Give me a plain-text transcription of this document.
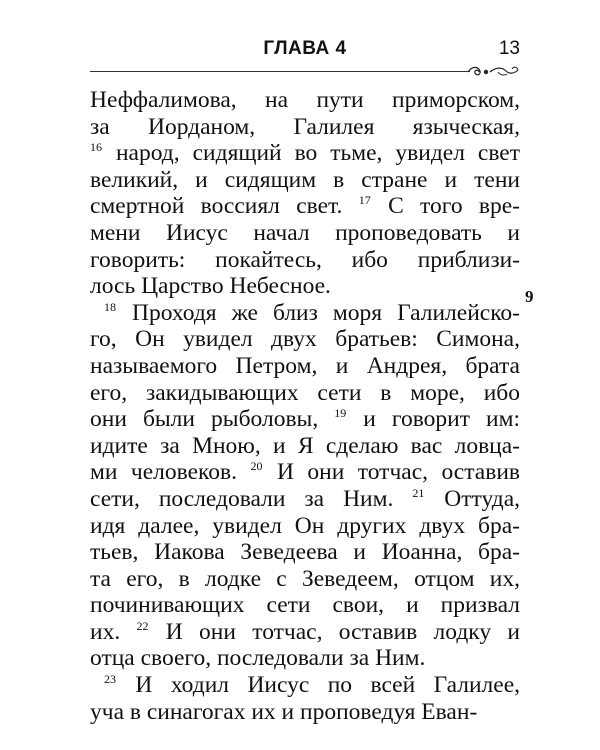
ГЛАВА 4	13
9
Неффалимова, на пути приморском,
за Иорданом, Галилея языческая,
$^{16}$ народ, сидящий во тьме, увидел свет
великий, и сидящим в стране и тени
смертной воссиял свет. $^{17}$ С того вре-
мени Иисус начал проповедовать и
говорить: покайтесь, ибо приблизи-
лось Царство Небесное.
$^{18}$ Проходя же близ моря Галилейско-
го, Он увидел двух братьев: Симона,
называемого Петром, и Андрея, брата
его, закидывающих сети в море, ибо
они были рыболовы, $^{19}$ и говорит им:
идите за Мною, и Я сделаю вас ловца-
ми человеков. $^{20}$ И они тотчас, оставив
сети, последовали за Ним. $^{21}$ Оттуда,
идя далее, увидел Он других двух бра-
тьев, Иакова Зеведеева и Иоанна, бра-
та его, в лодке с Зеведеем, отцом их,
починивающих сети свои, и призвал
их. $^{22}$ И они тотчас, оставив лодку и
отца своего, последовали за Ним.
$^{23}$ И ходил Иисус по всей Галилее,
уча в синагогах их и проповедуя Еван-
